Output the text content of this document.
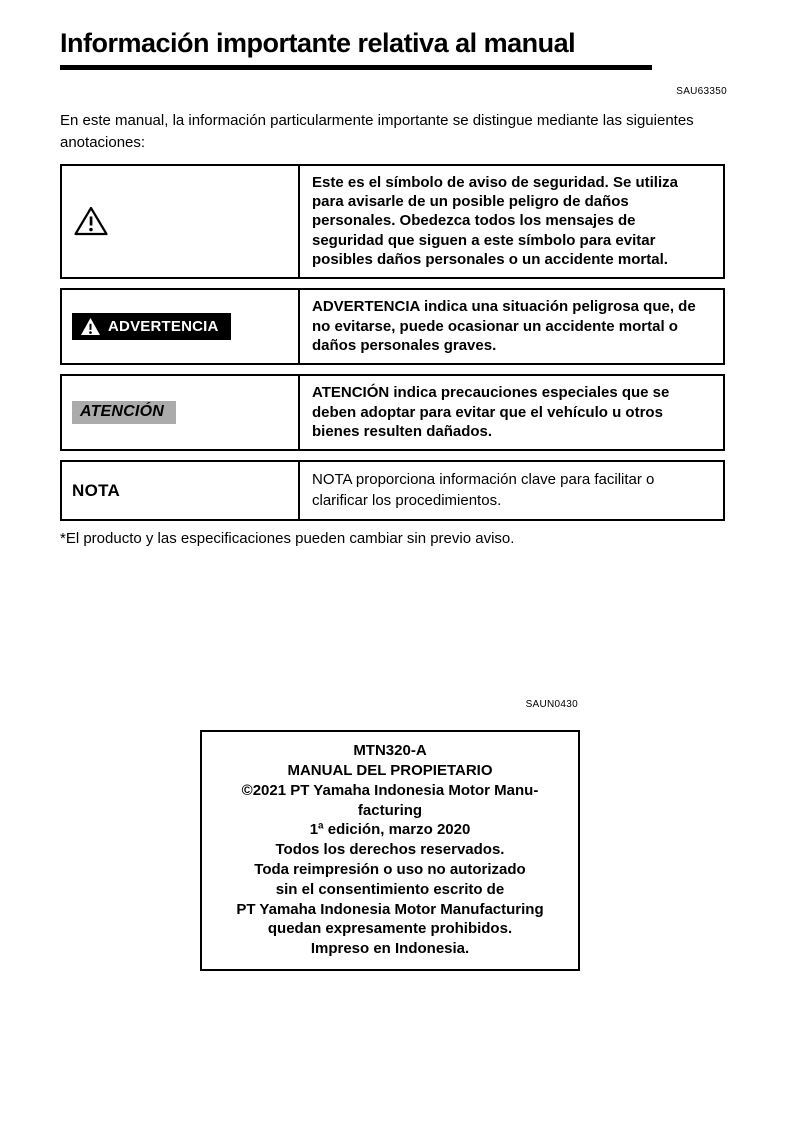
Información importante relativa al manual
SAU63350

En este manual, la información particularmente importante se distingue mediante las siguientes anotaciones:

Este es el símbolo de aviso de seguridad. Se utiliza para avisarle de un posible peligro de daños personales. Obedezca todos los mensajes de seguridad que siguen a este símbolo para evitar posibles daños personales o un accidente mortal.
ADVERTENCIA
ADVERTENCIA indica una situación peligrosa que, de no evitarse, puede ocasionar un accidente mortal o daños personales graves.
ATENCIÓN
ATENCIÓN indica precauciones especiales que se deben adoptar para evitar que el vehículo u otros bienes resulten dañados.
NOTA
NOTA proporciona información clave para facilitar o clarificar los procedimientos.

*El producto y las especificaciones pueden cambiar sin previo aviso.

SAUN0430
MTN320-A
MANUAL DEL PROPIETARIO
©2021 PT Yamaha Indonesia Motor Manu-
facturing
1ª edición, marzo 2020
Todos los derechos reservados.
Toda reimpresión o uso no autorizado
sin el consentimiento escrito de
PT Yamaha Indonesia Motor Manufacturing
quedan expresamente prohibidos.
Impreso en Indonesia.
